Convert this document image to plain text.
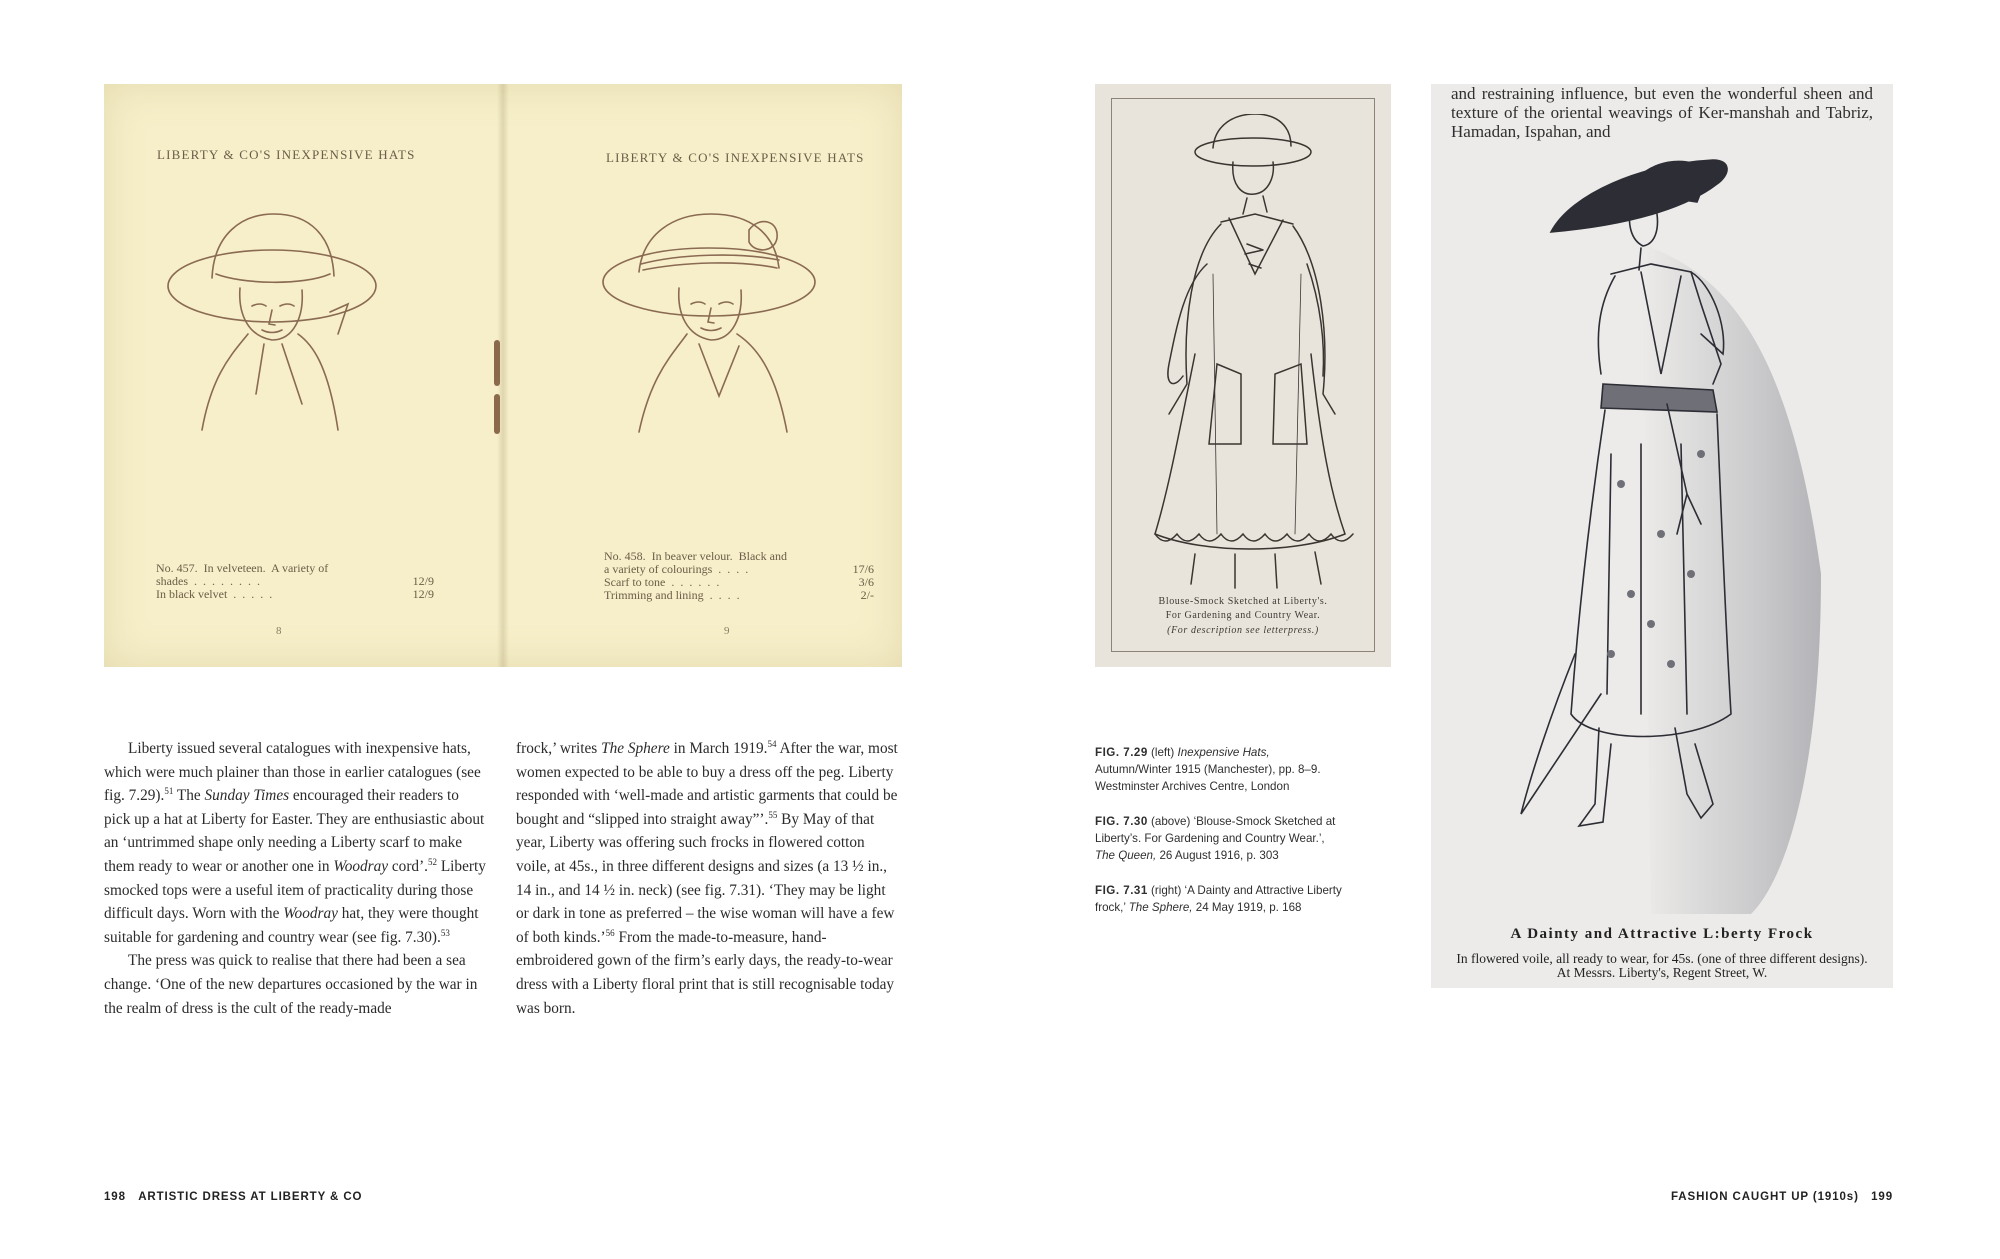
LIBERTY & CO'S INEXPENSIVE HATS
No. 457.  In velveteen.  A variety of
shades  .  .  .  .  .  .  .  .
In black velvet  .  .  .  .  .
12/9
12/9
8
LIBERTY & CO'S INEXPENSIVE HATS
No. 458.  In beaver velour.  Black and
a variety of colourings  .  .  .  .
Scarf to tone  .  .  .  .  .  .
Trimming and lining  .  .  .  .
17/6
3/6
2/-
9
Blouse-Smock Sketched at Liberty's.
For Gardening and Country Wear.
(For description see letterpress.)
and restraining influence, but even the wonderful sheen and texture of the oriental weavings of Ker-manshah and Tabriz, Hamadan, Ispahan, and
A Dainty and Attractive L:berty Frock
In flowered voile, all ready to wear, for 45s. (one of three different designs). At Messrs. Liberty's, Regent Street, W.

Liberty issued several catalogues with inexpensive hats, which were much plainer than those in earlier catalogues (see fig. 7.29).$^{51}$ The Sunday Times encouraged their readers to pick up a hat at Liberty for Easter. They are enthusiastic about an ‘untrimmed shape only needing a Liberty scarf to make them ready to wear or another one in Woodray cord’.$^{52}$ Liberty smocked tops were a useful item of practicality during those difficult days. Worn with the Woodray hat, they were thought suitable for gardening and country wear (see fig. 7.30).$^{53}$

The press was quick to realise that there had been a sea change. ‘One of the new departures occasioned by the war in the realm of dress is the cult of the ready-made

frock,’ writes The Sphere in March 1919.54 After the war, most women expected to be able to buy a dress off the peg. Liberty responded with ‘well-made and artistic garments that could be bought and “slipped into straight away”’.$^{55}$ By May of that year, Liberty was offering such frocks in flowered cotton voile, at 45s., in three different designs and sizes (a 13 ½ in., 14 in., and 14 ½ in. neck) (see fig. 7.31). ‘They may be light or dark in tone as preferred – the wise woman will have a few of both kinds.’$^{56}$ From the made-to-measure, hand-embroidered gown of the firm’s early days, the ready-to-wear dress with a Liberty floral print that is still recognisable today was born.

FIG. 7.29 (left) Inexpensive Hats, Autumn/Winter 1915 (Manchester), pp. 8–9. Westminster Archives Centre, London
FIG. 7.30 (above) ‘Blouse-Smock Sketched at Liberty’s. For Gardening and Country Wear.’, The Queen, 26 August 1916, p. 303
FIG. 7.31 (right) ‘A Dainty and Attractive Liberty frock,’ The Sphere, 24 May 1919, p. 168
198 ARTISTIC DRESS AT LIBERTY & CO	FASHION CAUGHT UP (1910s) 199
